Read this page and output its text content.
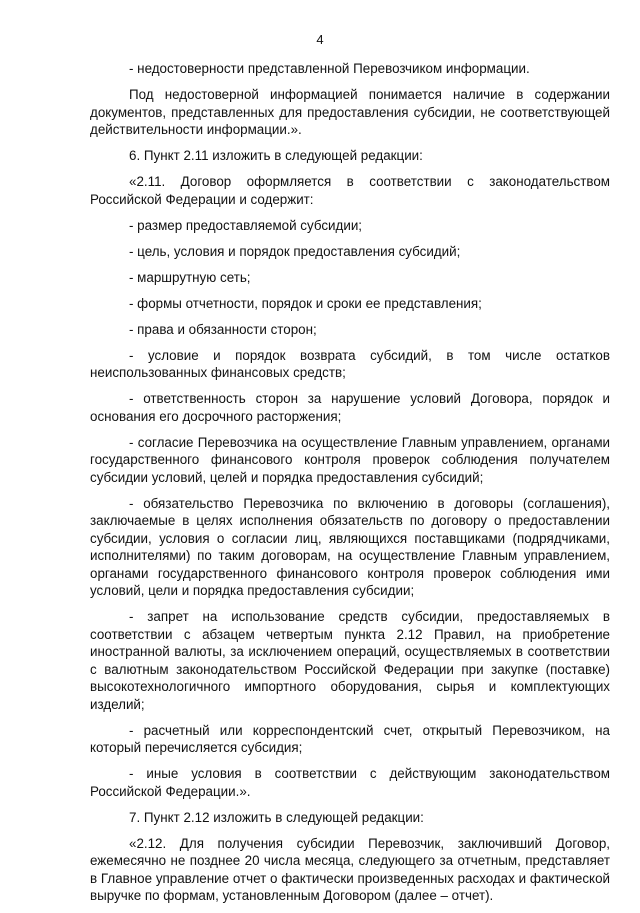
4

- недостоверности представленной Перевозчиком информации.

Под недостоверной информацией понимается наличие в содержании документов, представленных для предоставления субсидии, не соответствующей действительности информации.».

6. Пункт 2.11 изложить в следующей редакции:

«2.11. Договор оформляется в соответствии с законодательством Российской Федерации и содержит:

- размер предоставляемой субсидии;

- цель, условия и порядок предоставления субсидий;

- маршрутную сеть;

- формы отчетности, порядок и сроки ее представления;

- права и обязанности сторон;

- условие и порядок возврата субсидий, в том числе остатков неиспользованных финансовых средств;

- ответственность сторон за нарушение условий Договора, порядок и основания его досрочного расторжения;

- согласие Перевозчика на осуществление Главным управлением, органами государственного финансового контроля проверок соблюдения получателем субсидии условий, целей и порядка предоставления субсидий;

- обязательство Перевозчика по включению в договоры (соглашения), заключаемые в целях исполнения обязательств по договору о предоставлении субсидии, условия о согласии лиц, являющихся поставщиками (подрядчиками, исполнителями) по таким договорам, на осуществление Главным управлением, органами государственного финансового контроля проверок соблюдения ими условий, цели и порядка предоставления субсидии;

- запрет на использование средств субсидии, предоставляемых в соответствии с абзацем четвертым пункта 2.12 Правил, на приобретение иностранной валюты, за исключением операций, осуществляемых в соответствии с валютным законодательством Российской Федерации при закупке (поставке) высокотехнологичного импортного оборудования, сырья и комплектующих изделий;

- расчетный или корреспондентский счет, открытый Перевозчиком, на который перечисляется субсидия;

- иные условия в соответствии с действующим законодательством Российской Федерации.».

7. Пункт 2.12 изложить в следующей редакции:

«2.12. Для получения субсидии Перевозчик, заключивший Договор, ежемесячно не позднее 20 числа месяца, следующего за отчетным, представляет в Главное управление отчет о фактически произведенных расходах и фактической выручке по формам, установленным Договором (далее – отчет).
